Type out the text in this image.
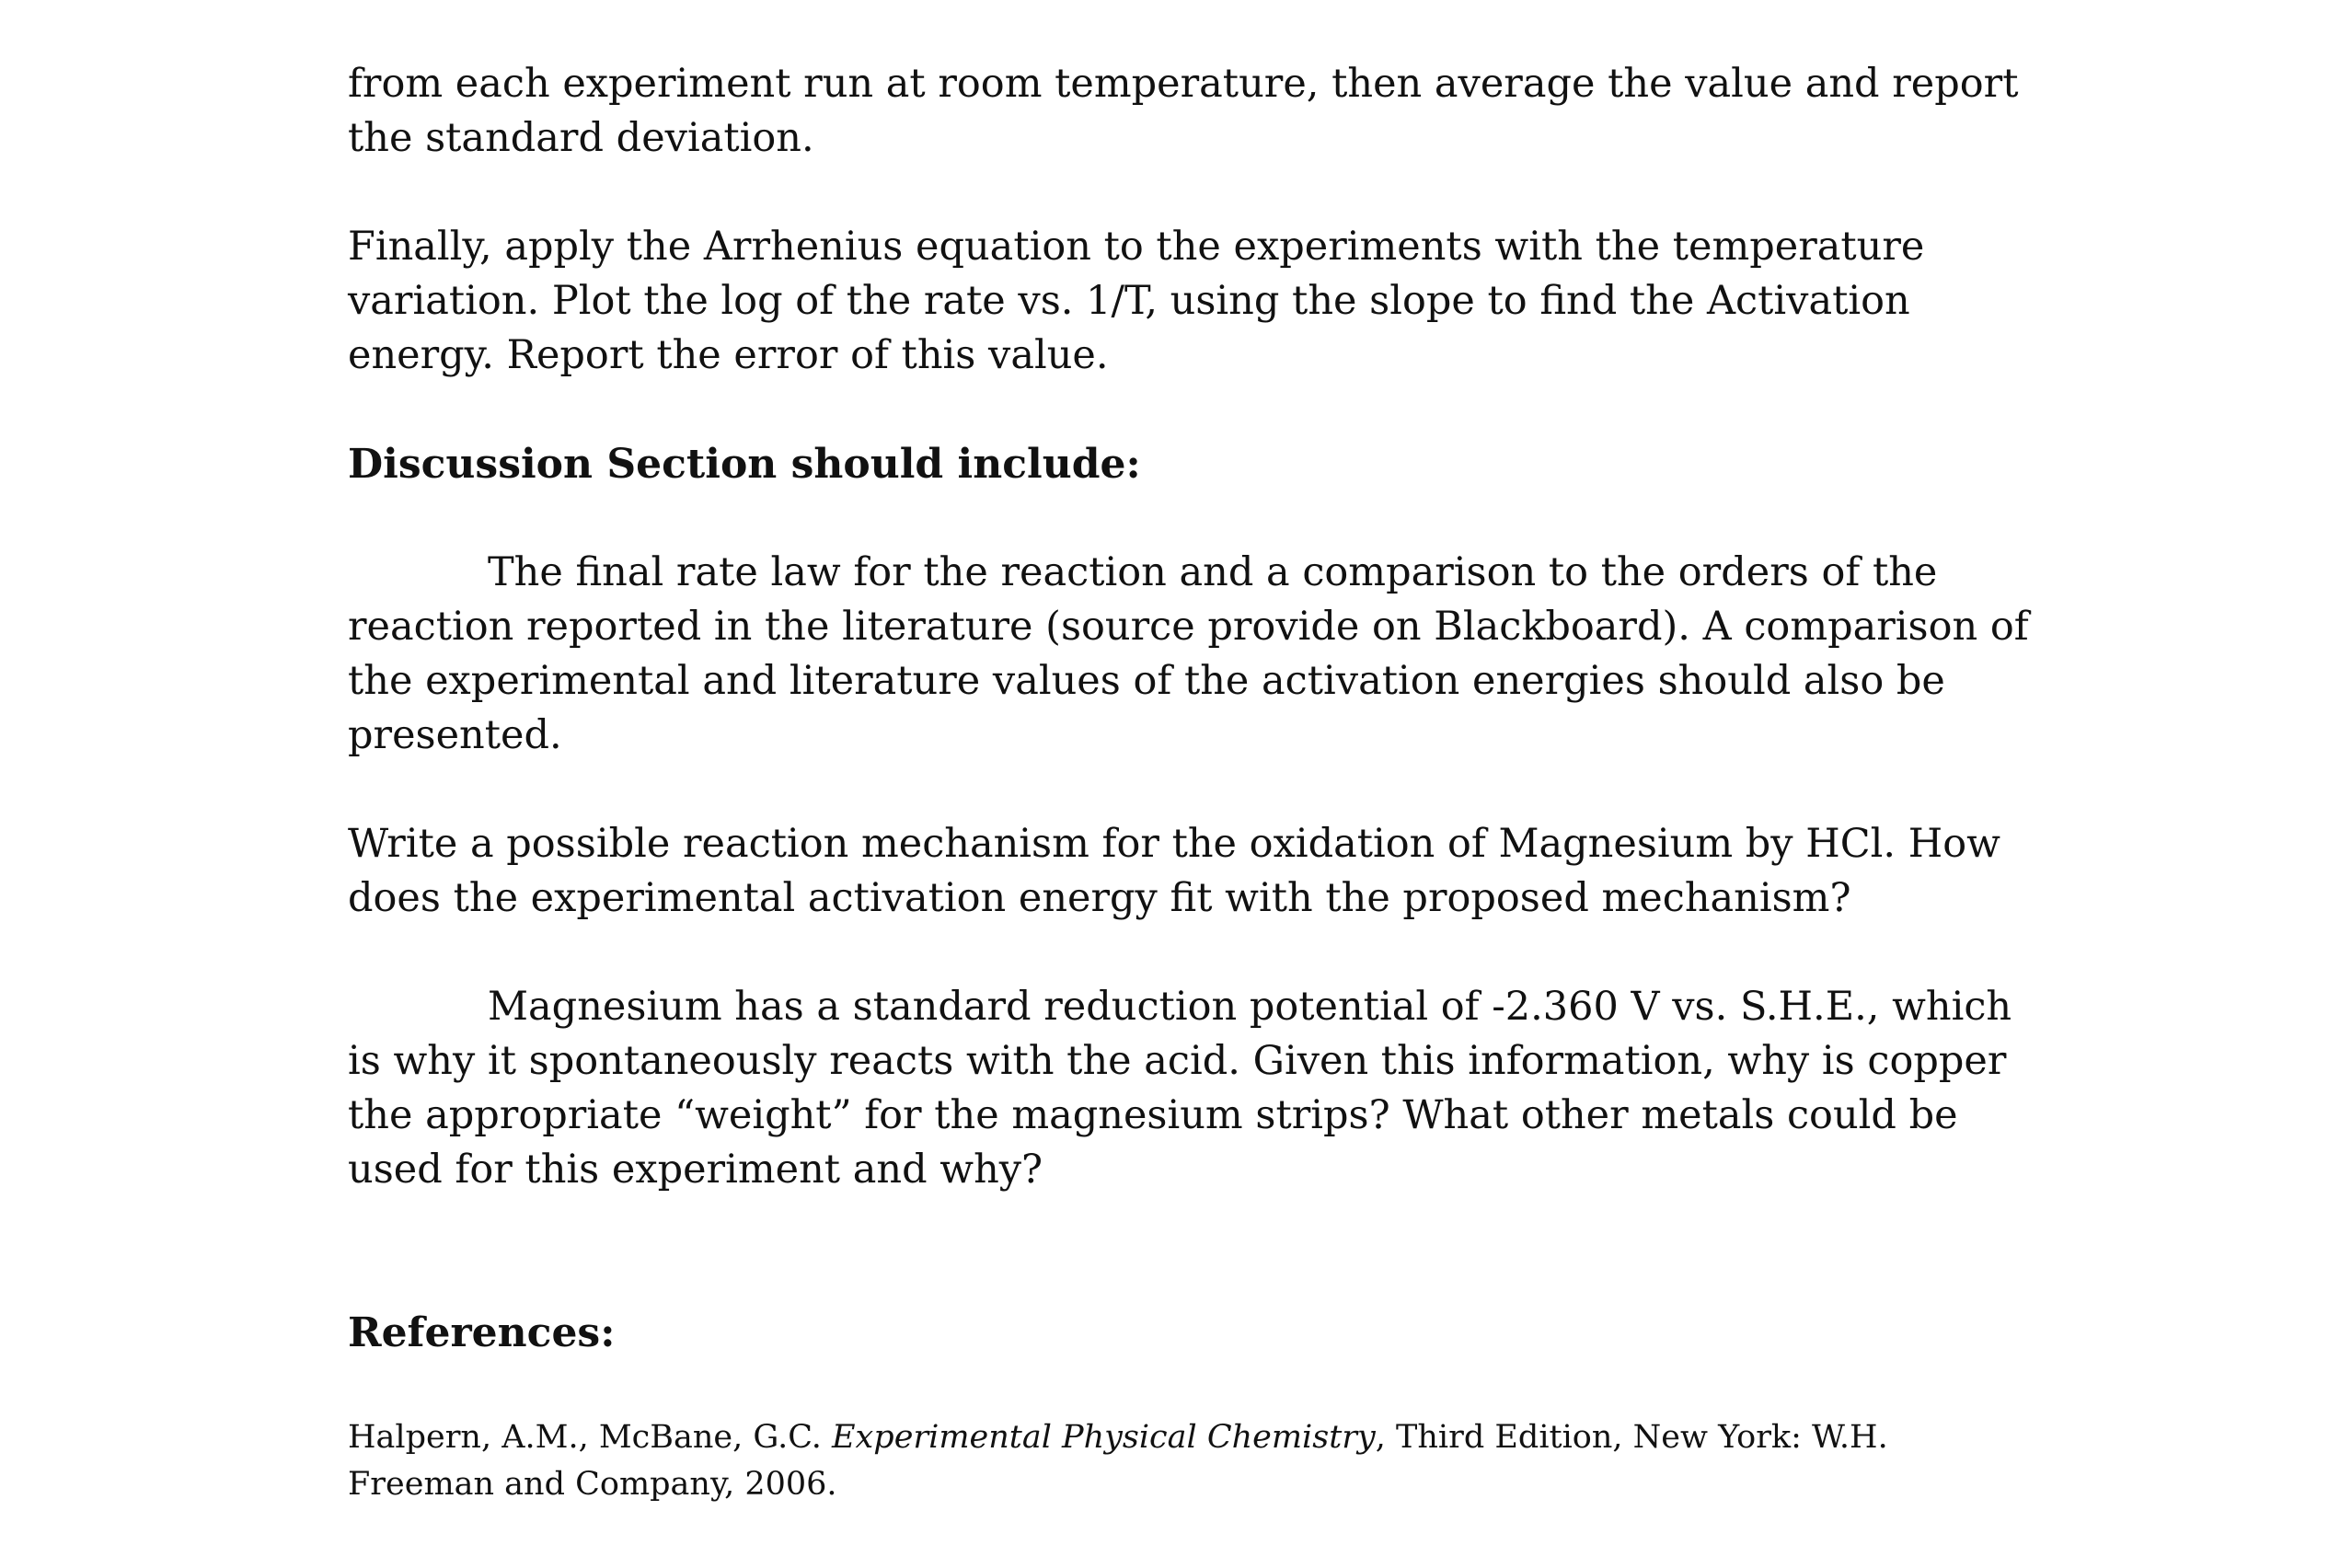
from each experiment run at room temperature, then average the value and report the standard deviation.

Finally, apply the Arrhenius equation to the experiments with the temperature variation. Plot the log of the rate vs. 1/T, using the slope to find the Activation energy. Report the error of this value.

Discussion Section should include:

The final rate law for the reaction and a comparison to the orders of the reaction reported in the literature (source provide on Blackboard). A comparison of the experimental and literature values of the activation energies should also be presented.

Write a possible reaction mechanism for the oxidation of Magnesium by HCl. How does the experimental activation energy fit with the proposed mechanism?

Magnesium has a standard reduction potential of -2.360 V vs. S.H.E., which is why it spontaneously reacts with the acid. Given this information, why is copper the appropriate “weight” for the magnesium strips? What other metals could be used for this experiment and why?

References:

Halpern, A.M., McBane, G.C. Experimental Physical Chemistry, Third Edition, New York: W.H. Freeman and Company, 2006.
